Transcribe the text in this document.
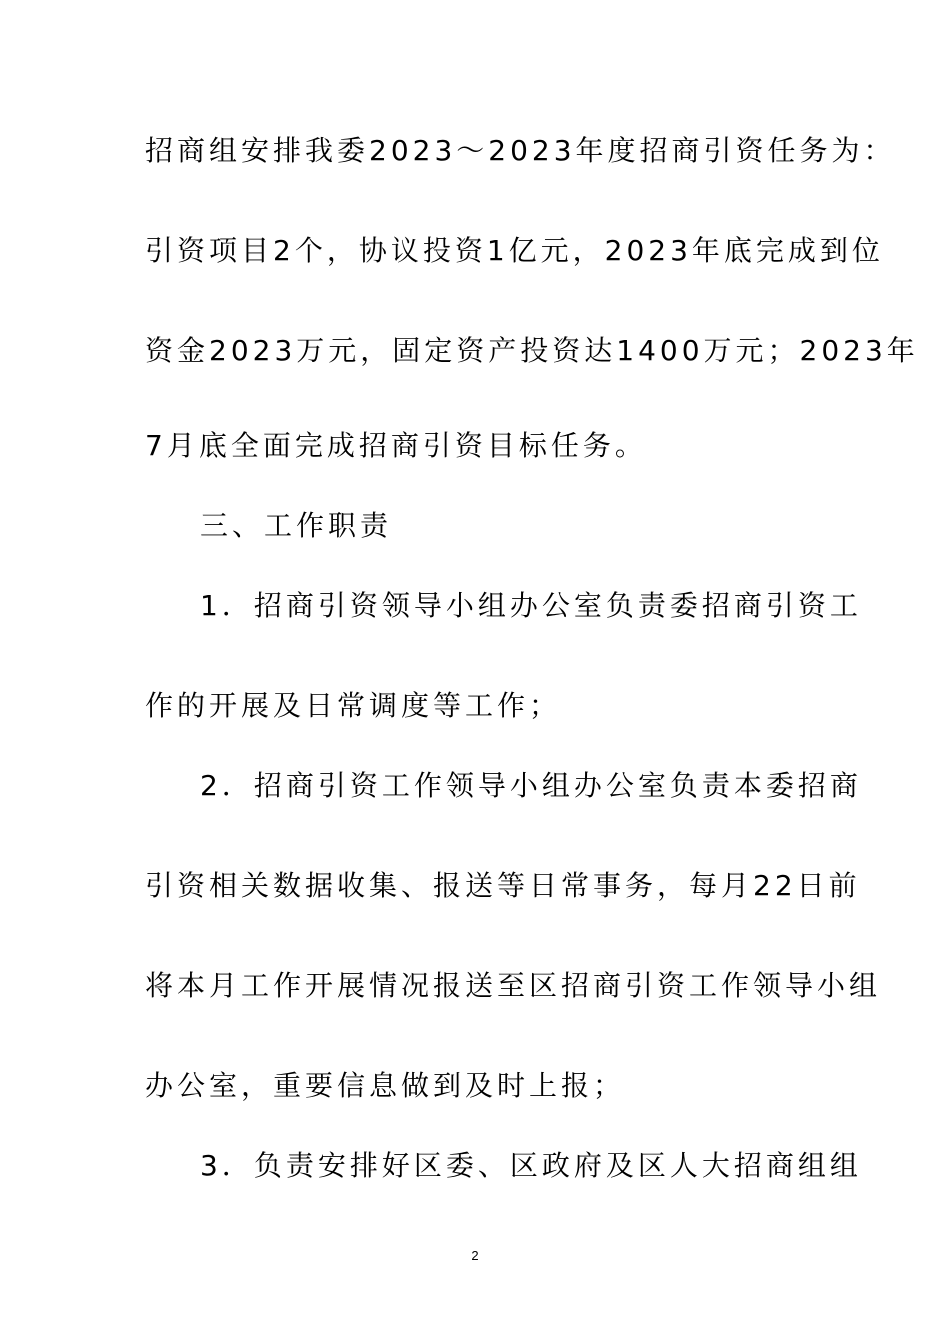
招商组安排我委2023～2023年度招商引资任务为：
引资项目2个，协议投资1亿元，2023年底完成到位
资金2023万元，固定资产投资达1400万元；2023年
7月底全面完成招商引资目标任务。
三、工作职责
1．招商引资领导小组办公室负责委招商引资工
作的开展及日常调度等工作；
2．招商引资工作领导小组办公室负责本委招商
引资相关数据收集、报送等日常事务，每月22日前
将本月工作开展情况报送至区招商引资工作领导小组
办公室，重要信息做到及时上报；
3．负责安排好区委、区政府及区人大招商组组
2
